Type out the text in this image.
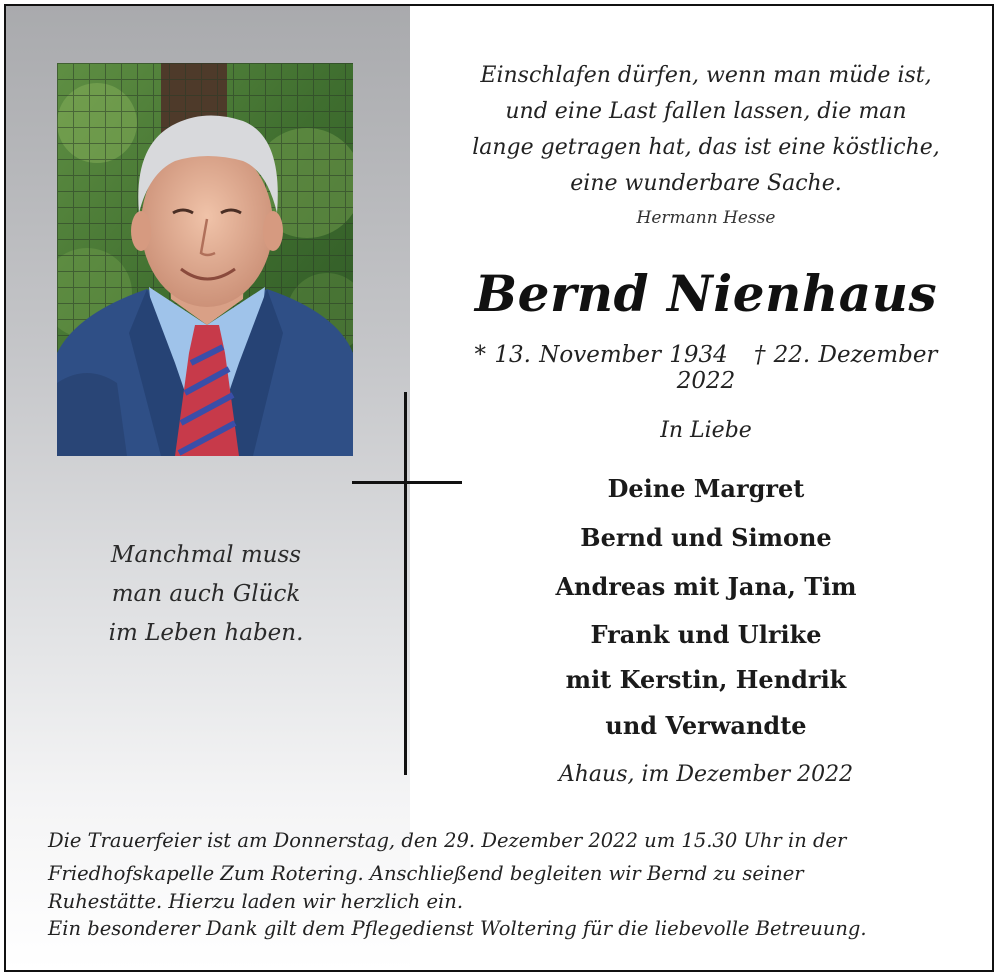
Manchmal muss
man auch Glück
im Leben haben.
Einschlafen dürfen, wenn man müde ist,
und eine Last fallen lassen, die man
lange getragen hat, das ist eine köstliche,
eine wunderbare Sache.
Hermann Hesse
Bernd Nienhaus
* 13. November 1934 † 22. Dezember 2022
In Liebe
Deine Margret
Bernd und Simone
Andreas mit Jana, Tim
Frank und Ulrike
mit Kerstin, Hendrik
und Verwandte
Ahaus, im Dezember 2022
Die Trauerfeier ist am Donnerstag, den 29. Dezember 2022 um 15.30 Uhr in der
Friedhofskapelle Zum Rotering. Anschließend begleiten wir Bernd zu seiner
Ruhestätte. Hierzu laden wir herzlich ein.
Ein besonderer Dank gilt dem Pflegedienst Woltering für die liebevolle Betreuung.
